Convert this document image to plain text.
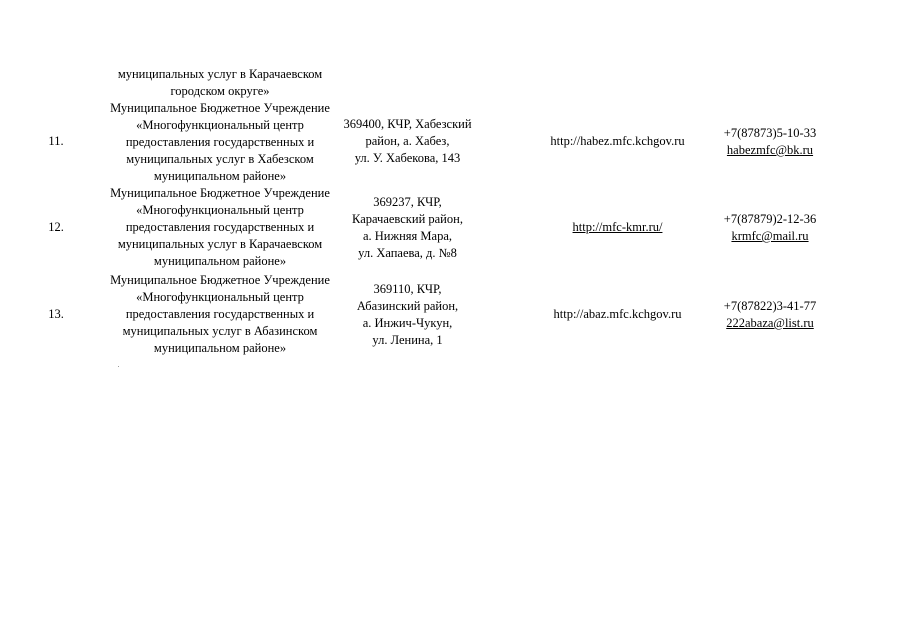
муниципальных услуг в Карачаевском
городском округе»
11.
Муниципальное Бюджетное Учреждение
«Многофункциональный центр
предоставления государственных и
муниципальных услуг в Хабезском
муниципальном районе»
369400, КЧР, Хабезский
район, а. Хабез,
ул. У. Хабекова, 143
http://habez.mfc.kchgov.ru
+7(87873)5-10-33
habezmfc@bk.ru
12.
Муниципальное Бюджетное Учреждение
«Многофункциональный центр
предоставления государственных и
муниципальных услуг в Карачаевском
муниципальном районе»
369237, КЧР,
Карачаевский район,
а. Нижняя Мара,
ул. Хапаева, д. №8
http://mfc-kmr.ru/
+7(87879)2-12-36
krmfc@mail.ru
13.
Муниципальное Бюджетное Учреждение
«Многофункциональный центр
предоставления государственных и
муниципальных услуг в Абазинском
муниципальном районе»
369110, КЧР,
Абазинский район,
а. Инжич-Чукун,
ул. Ленина, 1
http://abaz.mfc.kchgov.ru
+7(87822)3-41-77
222abaza@list.ru
